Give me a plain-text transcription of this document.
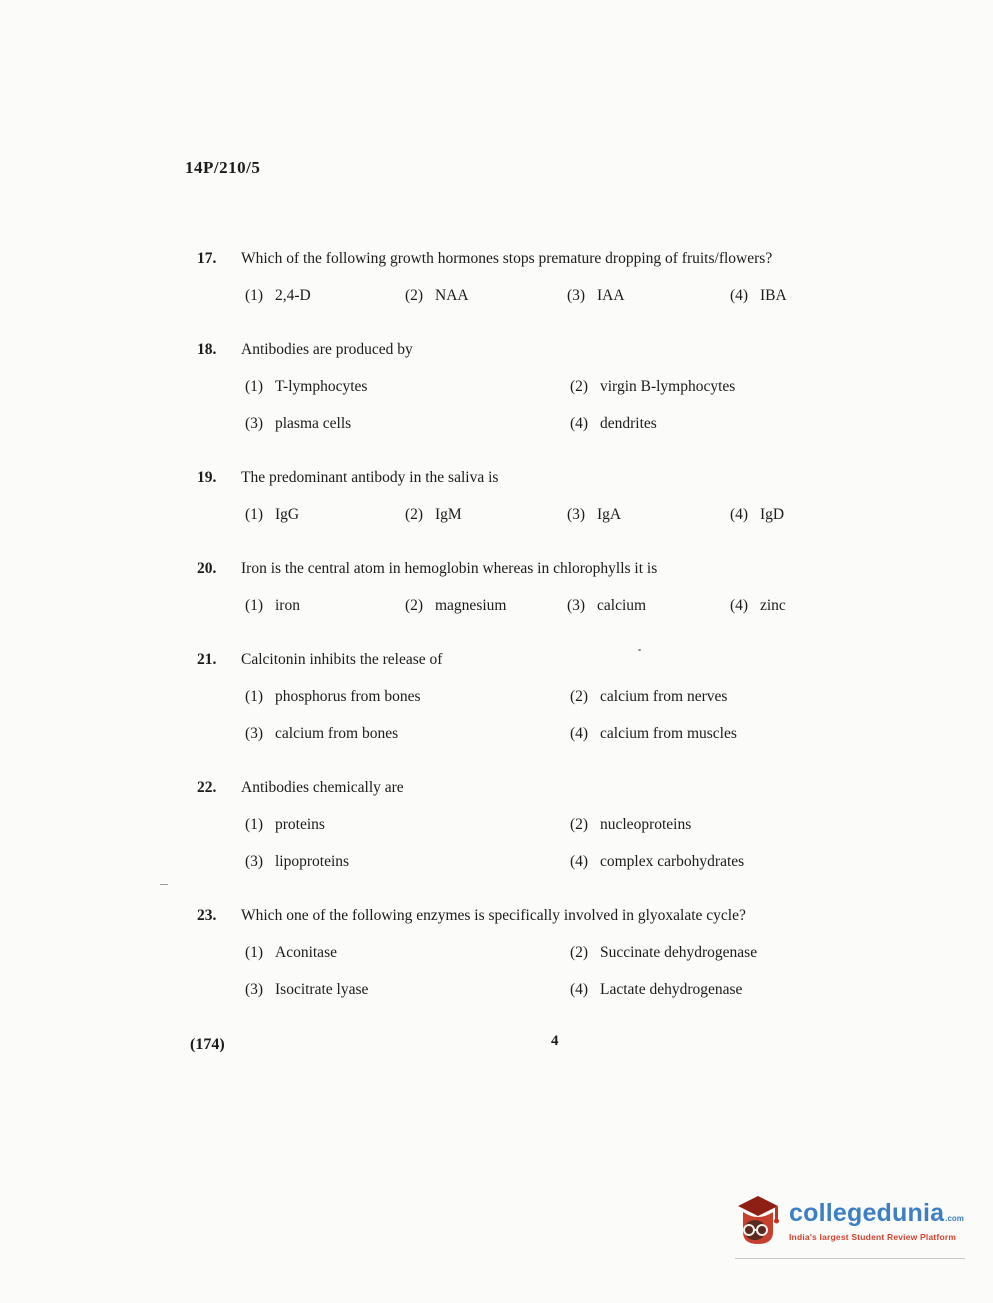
14P/210/5
17.	Which of the following growth hormones stops premature dropping of fruits/flowers?
(1) 2,4-D	(2) NAA	(3) IAA	(4) IBA
18.	Antibodies are produced by
(1) T-lymphocytes	(2) virgin B-lymphocytes
(3) plasma cells	(4) dendrites
19.	The predominant antibody in the saliva is
(1) IgG	(2) IgM	(3) IgA	(4) IgD
20.	Iron is the central atom in hemoglobin whereas in chlorophylls it is
(1) iron	(2) magnesium	(3) calcium	(4) zinc
21.	Calcitonin inhibits the release of
(1) phosphorus from bones	(2) calcium from nerves
(3) calcium from bones	(4) calcium from muscles
22.	Antibodies chemically are
(1) proteins	(2) nucleoproteins
(3) lipoproteins	(4) complex carbohydrates
23.	Which one of the following enzymes is specifically involved in glyoxalate cycle?
(1) Aconitase	(2) Succinate dehydrogenase
(3) Isocitrate lyase	(4) Lactate dehydrogenase
(174)	4
collegedunia .com
India's largest Student Review Platform
